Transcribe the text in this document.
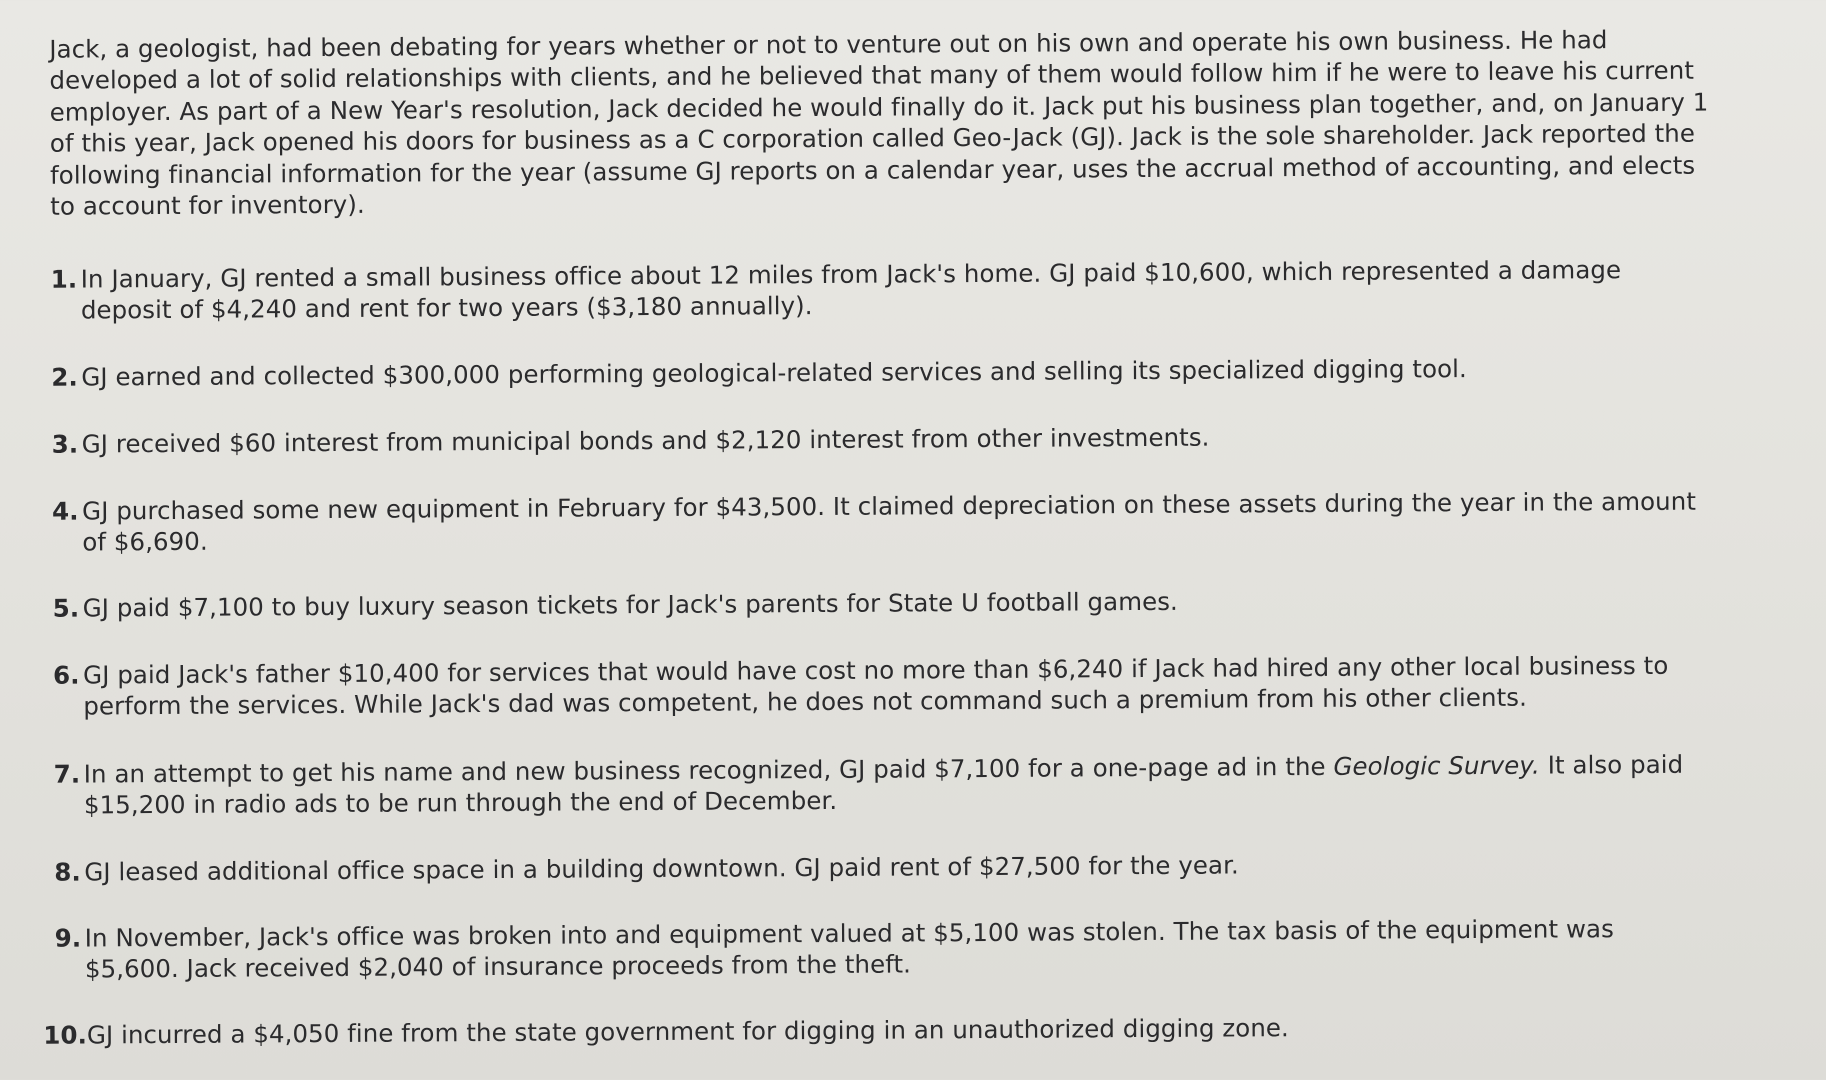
Jack, a geologist, had been debating for years whether or not to venture out on his own and operate his own business. He had developed a lot of solid relationships with clients, and he believed that many of them would follow him if he were to leave his current employer. As part of a New Year's resolution, Jack decided he would finally do it. Jack put his business plan together, and, on January 1 of this year, Jack opened his doors for business as a C corporation called Geo-Jack (GJ). Jack is the sole shareholder. Jack reported the following financial information for the year (assume GJ reports on a calendar year, uses the accrual method of accounting, and elects to account for inventory).

1. In January, GJ rented a small business office about 12 miles from Jack's home. GJ paid $10,600, which represented a damage deposit of $4,240 and rent for two years ($3,180 annually).
2. GJ earned and collected $300,000 performing geological-related services and selling its specialized digging tool.
3. GJ received $60 interest from municipal bonds and $2,120 interest from other investments.
4. GJ purchased some new equipment in February for $43,500. It claimed depreciation on these assets during the year in the amount of $6,690.
5. GJ paid $7,100 to buy luxury season tickets for Jack's parents for State U football games.
6. GJ paid Jack's father $10,400 for services that would have cost no more than $6,240 if Jack had hired any other local business to perform the services. While Jack's dad was competent, he does not command such a premium from his other clients.
7. In an attempt to get his name and new business recognized, GJ paid $7,100 for a one-page ad in the Geologic Survey. It also paid $15,200 in radio ads to be run through the end of December.
8. GJ leased additional office space in a building downtown. GJ paid rent of $27,500 for the year.
9. In November, Jack's office was broken into and equipment valued at $5,100 was stolen. The tax basis of the equipment was $5,600. Jack received $2,040 of insurance proceeds from the theft.
10. GJ incurred a $4,050 fine from the state government for digging in an unauthorized digging zone.
